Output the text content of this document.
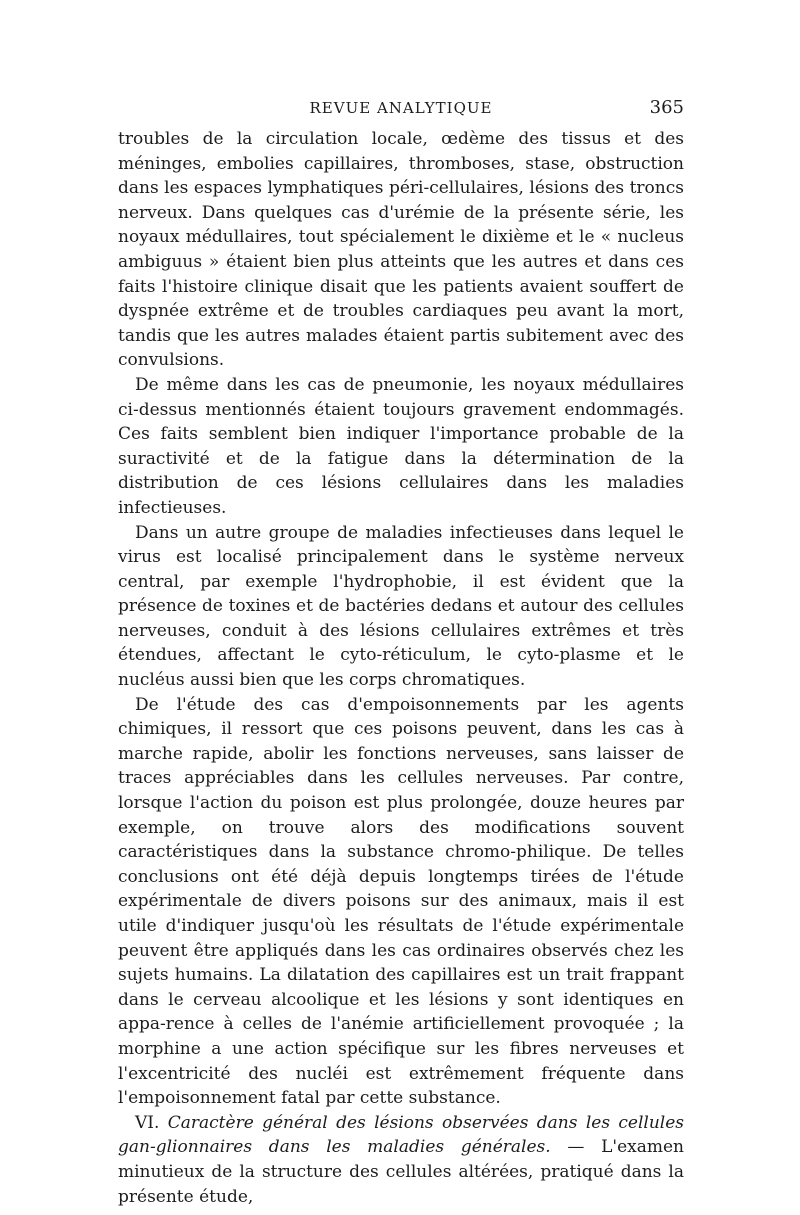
REVUE ANALYTIQUE	365

troubles de la circulation locale, œdème des tissus et des méninges, embolies capillaires, thromboses, stase, obstruction dans les espaces lymphatiques péri-cellulaires, lésions des troncs nerveux. Dans quelques cas d'urémie de la présente série, les noyaux médullaires, tout spécialement le dixième et le « nucleus ambiguus » étaient bien plus atteints que les autres et dans ces faits l'histoire clinique disait que les patients avaient souffert de dyspnée extrême et de troubles cardiaques peu avant la mort, tandis que les autres malades étaient partis subitement avec des convulsions.

De même dans les cas de pneumonie, les noyaux médullaires ci-dessus mentionnés étaient toujours gravement endommagés. Ces faits semblent bien indiquer l'importance probable de la suractivité et de la fatigue dans la détermination de la distribution de ces lésions cellulaires dans les maladies infectieuses.

Dans un autre groupe de maladies infectieuses dans lequel le virus est localisé principalement dans le système nerveux central, par exemple l'hydrophobie, il est évident que la présence de toxines et de bactéries dedans et autour des cellules nerveuses, conduit à des lésions cellulaires extrêmes et très étendues, affectant le cyto-réticulum, le cyto-plasme et le nucléus aussi bien que les corps chromatiques.

De l'étude des cas d'empoisonnements par les agents chimiques, il ressort que ces poisons peuvent, dans les cas à marche rapide, abolir les fonctions nerveuses, sans laisser de traces appréciables dans les cellules nerveuses. Par contre, lorsque l'action du poison est plus prolongée, douze heures par exemple, on trouve alors des modifications souvent caractéristiques dans la substance chromo-philique. De telles conclusions ont été déjà depuis longtemps tirées de l'étude expérimentale de divers poisons sur des animaux, mais il est utile d'indiquer jusqu'où les résultats de l'étude expérimentale peuvent être appliqués dans les cas ordinaires observés chez les sujets humains. La dilatation des capillaires est un trait frappant dans le cerveau alcoolique et les lésions y sont identiques en appa-rence à celles de l'anémie artificiellement provoquée ; la morphine a une action spécifique sur les fibres nerveuses et l'excentricité des nucléi est extrêmement fréquente dans l'empoisonnement fatal par cette substance.

VI. Caractère général des lésions observées dans les cellules gan-glionnaires dans les maladies générales. — L'examen minutieux de la structure des cellules altérées, pratiqué dans la présente étude,
